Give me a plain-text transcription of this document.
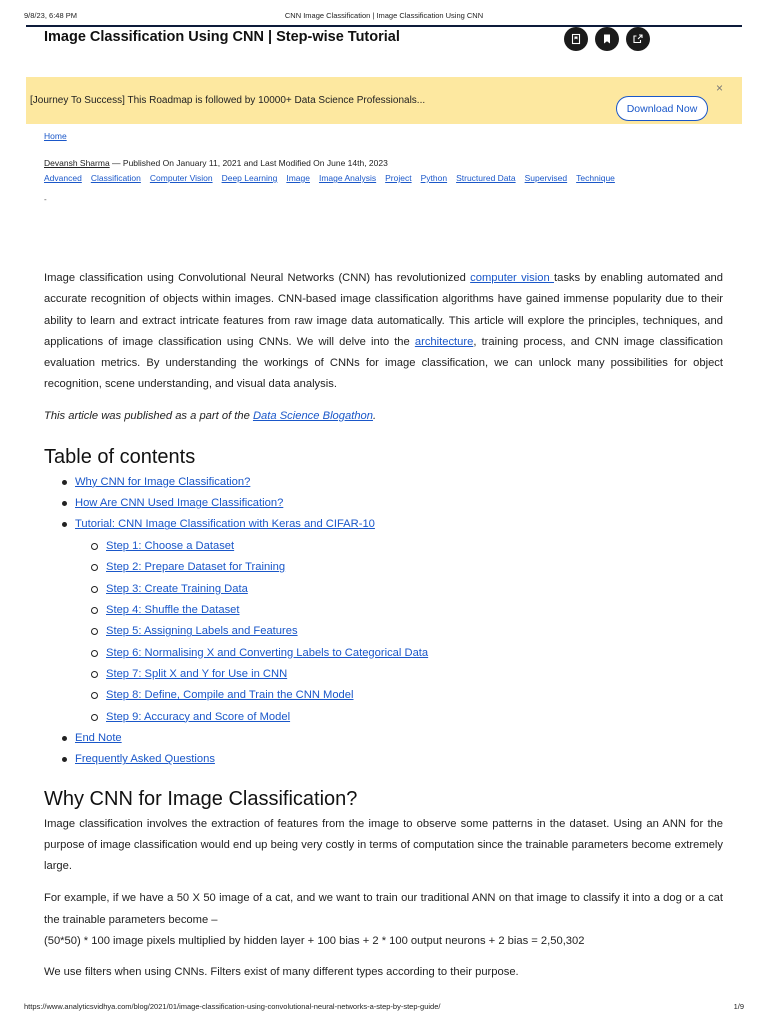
9/8/23, 6:48 PM	CNN Image Classification | Image Classification Using CNN
Image Classification Using CNN | Step-wise Tutorial
[Journey To Success] This Roadmap is followed by 10000+ Data Science Professionals...
Download Now
×
Home
Devansh Sharma — Published On January 11, 2021 and Last Modified On June 14th, 2023
Advanced Classification Computer Vision Deep Learning Image Image Analysis Project Python Structured Data Supervised Technique
-

Image classification using Convolutional Neural Networks (CNN) has revolutionized computer vision tasks by enabling automated and accurate recognition of objects within images. CNN-based image classification algorithms have gained immense popularity due to their ability to learn and extract intricate features from raw image data automatically. This article will explore the principles, techniques, and applications of image classification using CNNs. We will delve into the architecture, training process, and CNN image classification evaluation metrics. By understanding the workings of CNNs for image classification, we can unlock many possibilities for object recognition, scene understanding, and visual data analysis.

This article was published as a part of the Data Science Blogathon.

Table of contents
Why CNN for Image Classification?
How Are CNN Used Image Classification?
Tutorial: CNN Image Classification with Keras and CIFAR-10
Step 1: Choose a Dataset
Step 2: Prepare Dataset for Training
Step 3: Create Training Data
Step 4: Shuffle the Dataset
Step 5: Assigning Labels and Features
Step 6: Normalising X and Converting Labels to Categorical Data
Step 7: Split X and Y for Use in CNN
Step 8: Define, Compile and Train the CNN Model
Step 9: Accuracy and Score of Model
End Note
Frequently Asked Questions
Why CNN for Image Classification?

Image classification involves the extraction of features from the image to observe some patterns in the dataset. Using an ANN for the purpose of image classification would end up being very costly in terms of computation since the trainable parameters become extremely large.

For example, if we have a 50 X 50 image of a cat, and we want to train our traditional ANN on that image to classify it into a dog or a cat the trainable parameters become –
(50*50) * 100 image pixels multiplied by hidden layer + 100 bias + 2 * 100 output neurons + 2 bias = 2,50,302

We use filters when using CNNs. Filters exist of many different types according to their purpose.

https://www.analyticsvidhya.com/blog/2021/01/image-classification-using-convolutional-neural-networks-a-step-by-step-guide/	1/9
